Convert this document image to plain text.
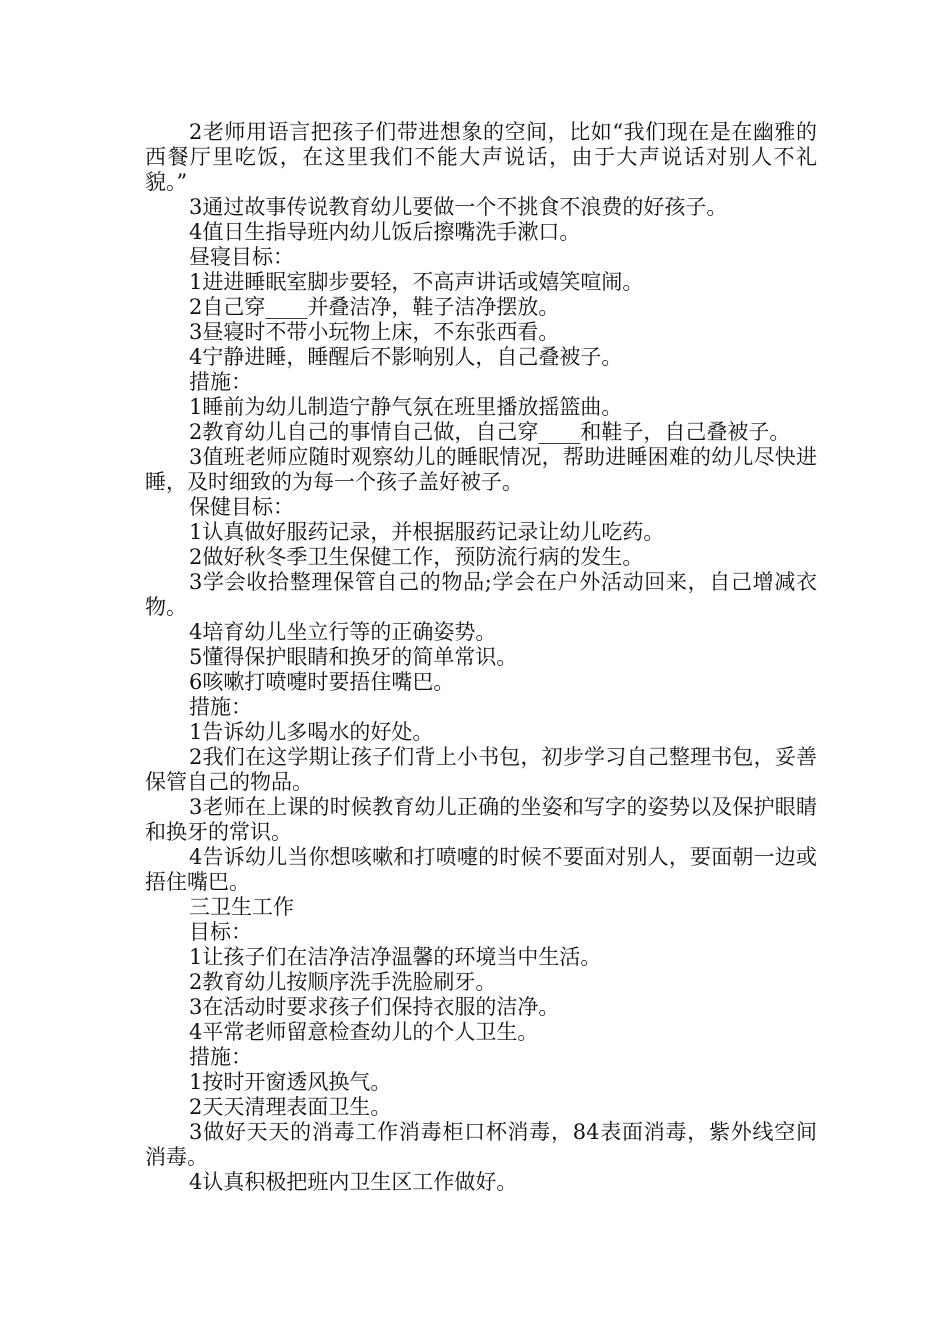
2老师用语言把孩子们带进想象的空间，比如“我们现在是在幽雅的西餐厅里吃饭，在这里我们不能大声说话，由于大声说话对别人不礼貌。”

3通过故事传说教育幼儿要做一个不挑食不浪费的好孩子。

4值日生指导班内幼儿饭后擦嘴洗手漱口。

昼寝目标：

1进进睡眠室脚步要轻，不高声讲话或嬉笑喧闹。

2自己穿____并叠洁净，鞋子洁净摆放。

3昼寝时不带小玩物上床，不东张西看。

4宁静进睡，睡醒后不影响别人，自己叠被子。

措施：

1睡前为幼儿制造宁静气氛在班里播放摇篮曲。

2教育幼儿自己的事情自己做，自己穿____和鞋子，自己叠被子。

3值班老师应随时观察幼儿的睡眠情况，帮助进睡困难的幼儿尽快进睡，及时细致的为每一个孩子盖好被子。

保健目标：

1认真做好服药记录，并根据服药记录让幼儿吃药。

2做好秋冬季卫生保健工作，预防流行病的发生。

3学会收拾整理保管自己的物品;学会在户外活动回来，自己增减衣物。

4培育幼儿坐立行等的正确姿势。

5懂得保护眼睛和换牙的简单常识。

6咳嗽打喷嚏时要捂住嘴巴。

措施：

1告诉幼儿多喝水的好处。

2我们在这学期让孩子们背上小书包，初步学习自己整理书包，妥善保管自己的物品。

3老师在上课的时候教育幼儿正确的坐姿和写字的姿势以及保护眼睛和换牙的常识。

4告诉幼儿当你想咳嗽和打喷嚏的时候不要面对别人，要面朝一边或捂住嘴巴。

三卫生工作

目标：

1让孩子们在洁净洁净温馨的环境当中生活。

2教育幼儿按顺序洗手洗脸刷牙。

3在活动时要求孩子们保持衣服的洁净。

4平常老师留意检查幼儿的个人卫生。

措施：

1按时开窗透风换气。

2天天清理表面卫生。

3做好天天的消毒工作消毒柜口杯消毒，84表面消毒，紫外线空间消毒。

4认真积极把班内卫生区工作做好。
